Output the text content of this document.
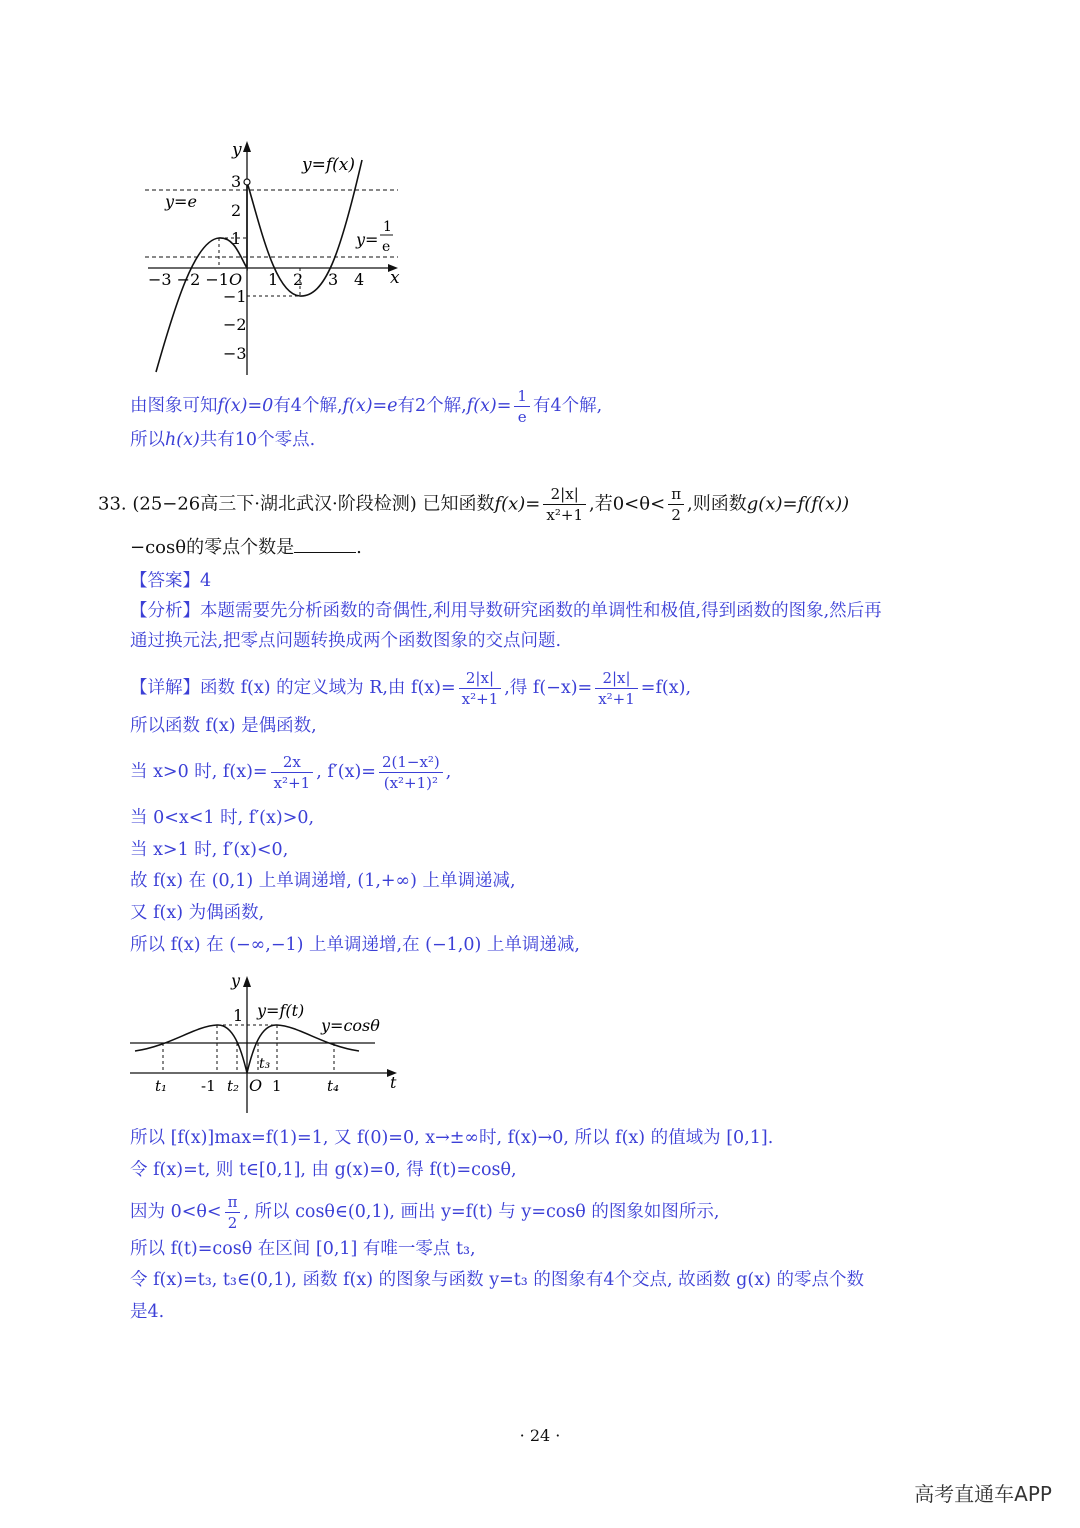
y
x
y=f(x)
y=e
y=
1
e
O
−3 −2 −1 1 2 3 4
3
2
1
−1
−2
−3
由图象可知f(x)=0有4个解,f(x)=e有2个解$,f(x)= \frac{1}{e}$ 有4个解,
所以h(x)共有10个零点.
33. (25−26高三下·湖北武汉·阶段检测) 已知函数$f(x)= \frac{2|x|}{\text{x²+1}}$ ,若$0<\theta< \frac{\pi}{2}$ ,则函数g(x)=f(f(x))
−cosθ的零点个数是	.
【答案】4
【分析】本题需要先分析函数的奇偶性,利用导数研究函数的单调性和极值,得到函数的图象,然后再
通过换元法,把零点问题转换成两个函数图象的交点问题.
【详解】函数 f(x) 的定义域为 R,由 $f(x)= \frac{2|x|}{\text{x²+1}}$ ,得 $f(-x)= \frac{2|x|}{\text{x²+1}} =f(x)$,
所以函数 f(x) 是偶函数,
当 x>0 时, $f(x)= \frac{2x}{\text{x²+1}}$ , $f'(x)= \frac{\text{2(1−x²)}}{\text{(x²+1)²}}$ ,
当 0<x<1 时, f′(x)>0,
当 x>1 时, f′(x)<0,
故 f(x) 在 (0,1) 上单调递增, (1,+∞) 上单调递减,
又 f(x) 为偶函数,
所以 f(x) 在 (−∞,−1) 上单调递增,在 (−1,0) 上单调递减,
y
t
1 y=f(t)
y=cosθ
O
t₁ -1 t₂ 1
t₃
t₄
所以 [f(x)]max=f(1)=1, 又 f(0)=0, x→±∞时, f(x)→0, 所以 f(x) 的值域为 [0,1].
令 f(x)=t, 则 t∈[0,1], 由 g(x)=0, 得 f(t)=cosθ,
因为 $0<\theta< \frac{\pi}{2}$ , 所以 cosθ∈(0,1), 画出 y=f(t) 与 y=cosθ 的图象如图所示,
所以 f(t)=cosθ 在区间 [0,1] 有唯一零点 t₃,
令 f(x)=t₃, t₃∈(0,1), 函数 f(x) 的图象与函数 y=t₃ 的图象有4个交点, 故函数 g(x) 的零点个数
是4.
· 24 ·
高考直通车APP
